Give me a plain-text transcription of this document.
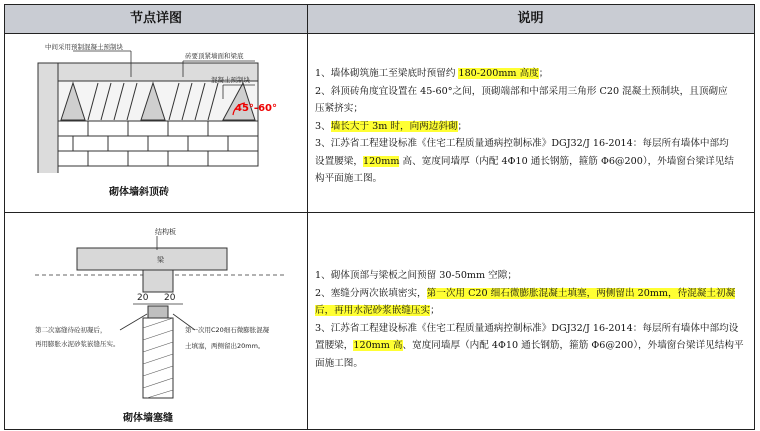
节点详图	说明
中间采用预制混凝土预制块
砖要顶紧墙面和梁底
混凝土预制块
45°-60°
砌体墙斜顶砖

1、墙体砌筑施工至梁底时预留约 180-200mm 高度；

2、斜顶砖角度宜设置在 45-60°之间，顶砌端部和中部采用三角形 C20 混凝土预制块，且顶砌应

压紧挤实；

3、墙长大于 3m 时，向两边斜砌；

3、江苏省工程建设标准《住宅工程质量通病控制标准》DGJ32/J 16-2014：每层所有墙体中部均

设置腰梁，120mm 高、宽度同墙厚（内配 4Φ10 通长钢筋，箍筋 Φ6@200），外墙窗台梁详见结

构平面施工图。

结构板
梁
20 20
第二次塞缝待砼初凝后，
再用膨胀水泥砂浆嵌缝压实。
第一次用C20细石微膨胀混凝
土填塞，两侧留出20mm。
砌体墙塞缝

1、砌体顶部与梁板之间预留 30-50mm 空隙；

2、塞缝分两次嵌填密实，第一次用 C20 细石微膨胀混凝土填塞，两侧留出 20mm，待混凝土初凝

后，再用水泥砂浆嵌缝压实；

3、江苏省工程建设标准《住宅工程质量通病控制标准》DGJ32/J 16-2014：每层所有墙体中部均设

置腰梁，120mm 高、宽度同墙厚（内配 4Φ10 通长钢筋，箍筋 Φ6@200），外墙窗台梁详见结构平

面施工图。
